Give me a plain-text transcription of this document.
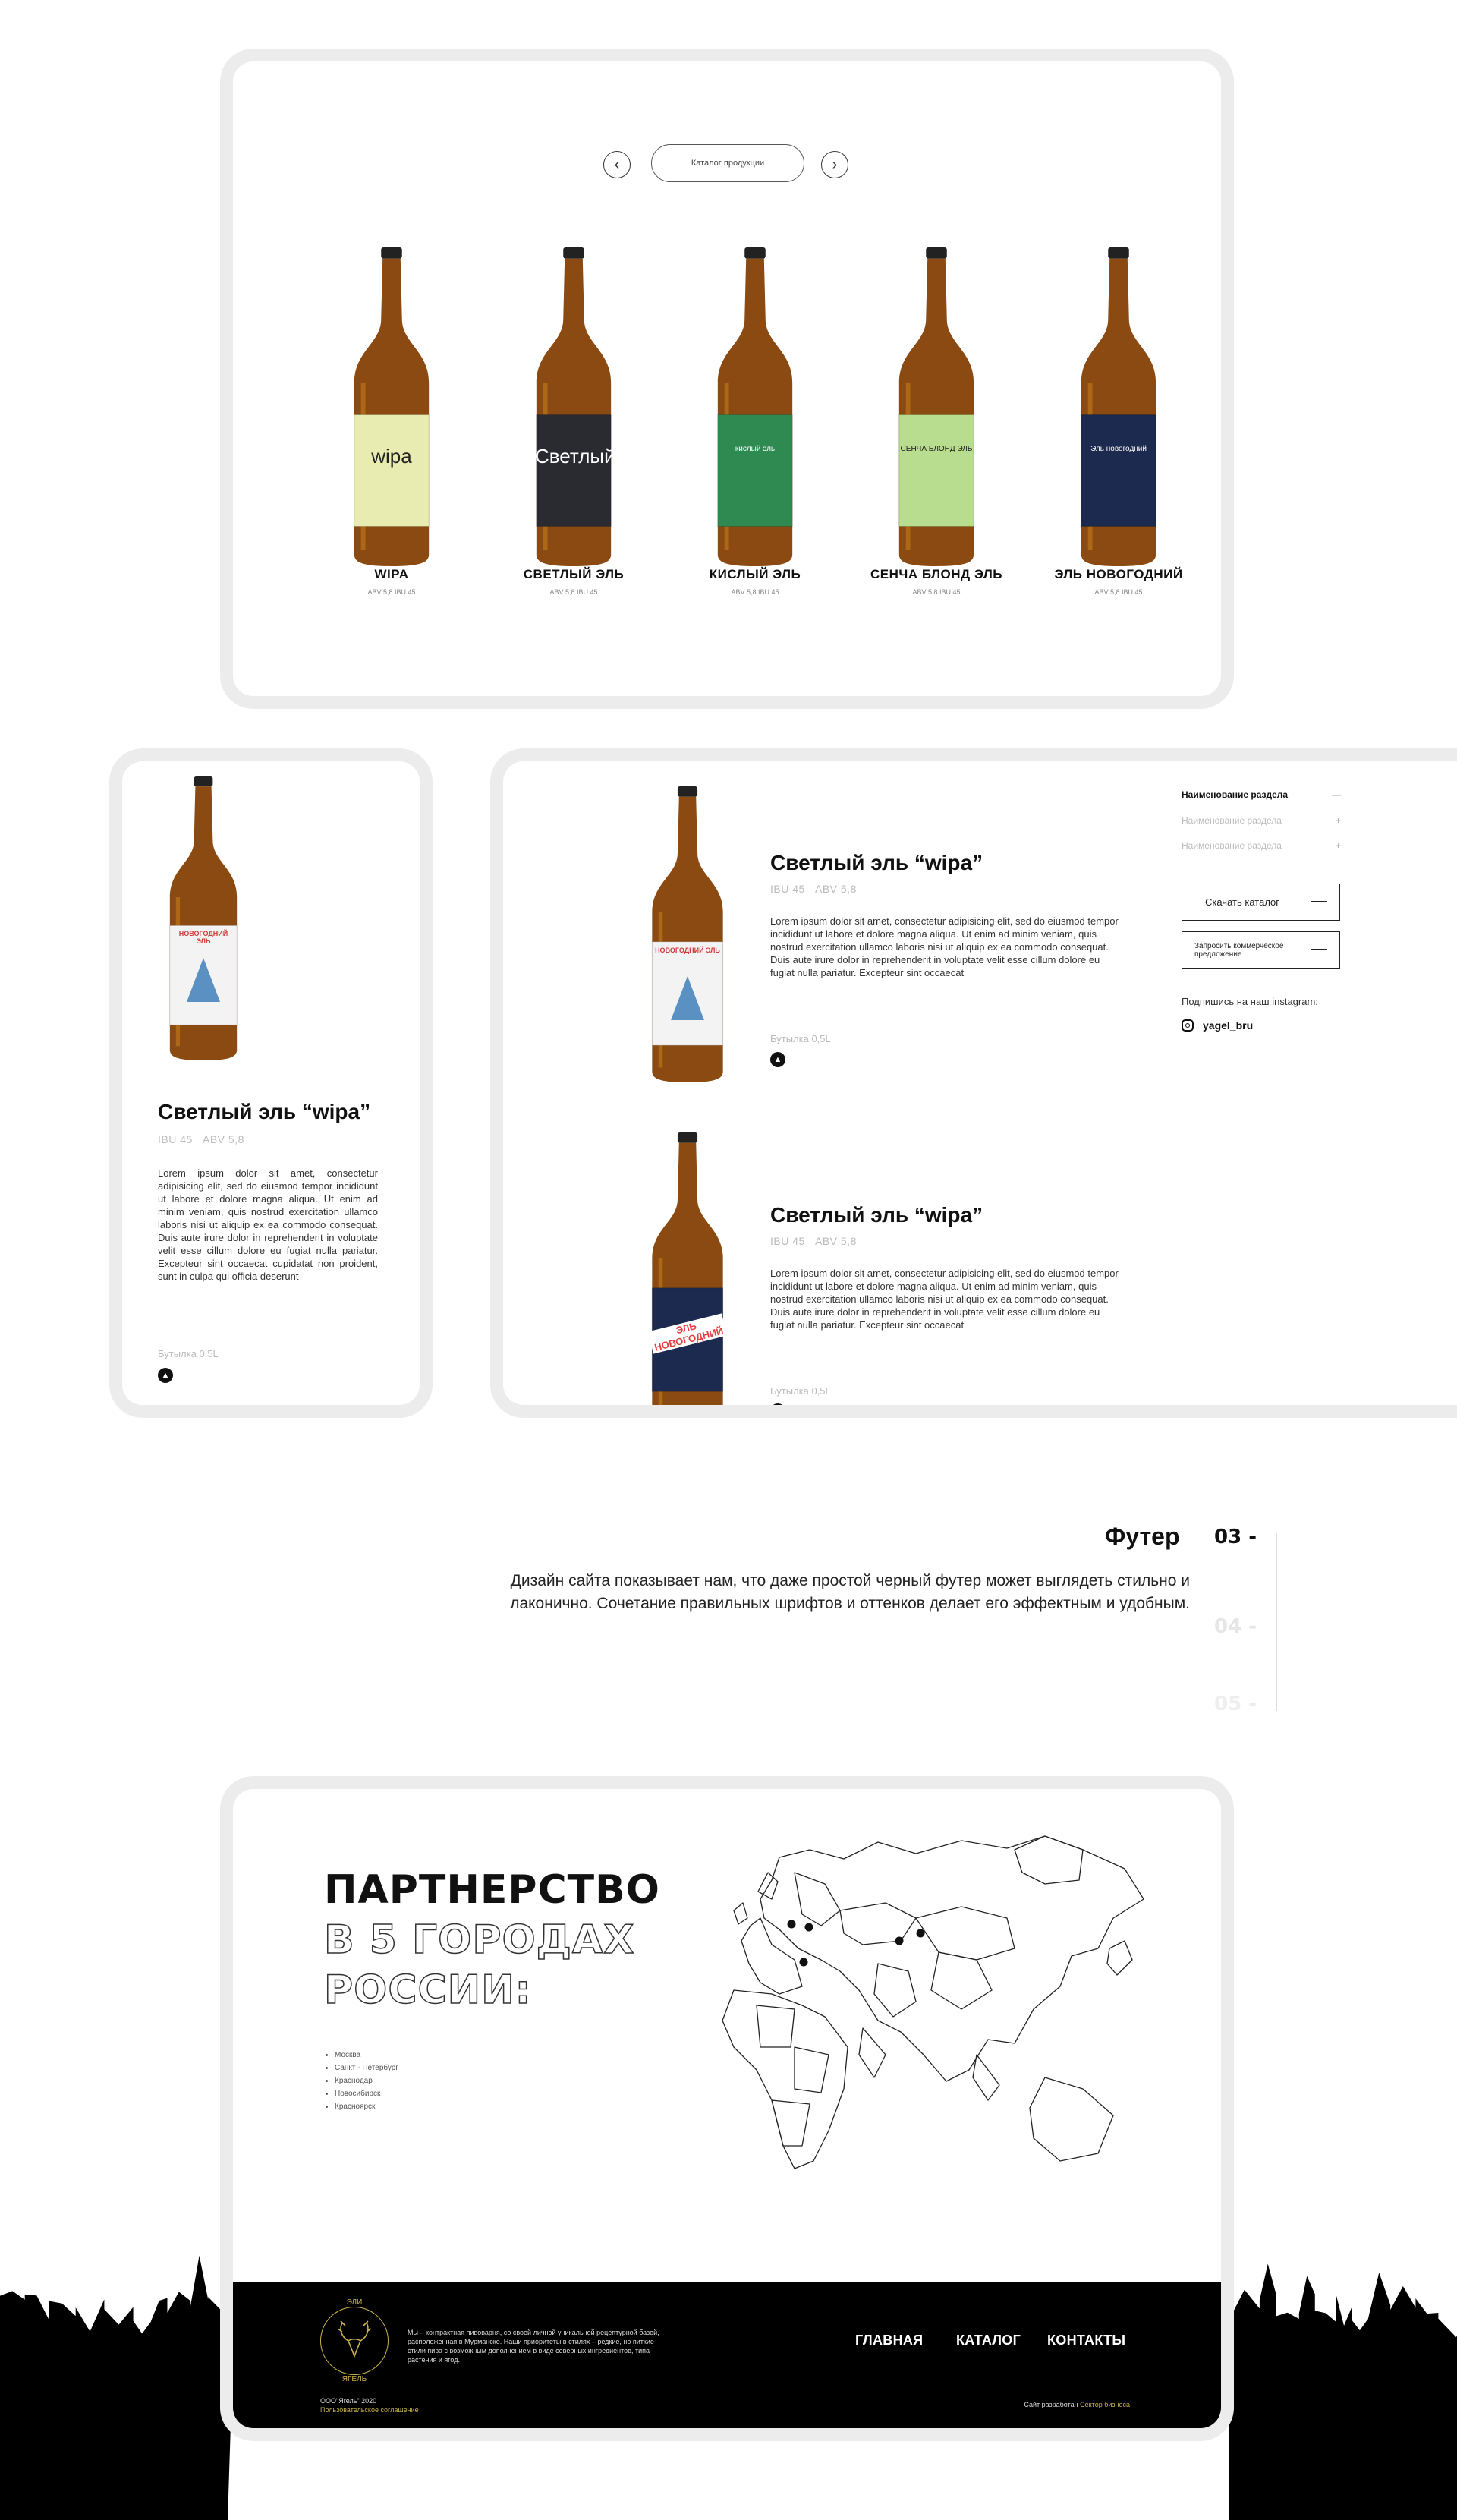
‹	Каталог продукции	›
wipa
WIPA
ABV 5,8 IBU 45
Светлый
СВЕТЛЫЙ ЭЛЬ
ABV 5,8 IBU 45
кислый эль
КИСЛЫЙ ЭЛЬ
ABV 5,8 IBU 45
СЕНЧА БЛОНД ЭЛЬ
СЕНЧА БЛОНД ЭЛЬ
ABV 5,8 IBU 45
Эль новогодний
ЭЛЬ НОВОГОДНИЙ
ABV 5,8 IBU 45
НОВОГОДНИЙ ЭЛЬ
Светлый эль “wipa”
IBU 45 ABV 5,8
Lorem ipsum dolor sit amet, consectetur adipisicing elit, sed do eiusmod tempor incididunt ut labore et dolore magna aliqua. Ut enim ad minim veniam, quis nostrud exercitation ullamco laboris nisi ut aliquip ex ea commodo consequat. Duis aute irure dolor in reprehenderit in voluptate velit esse cillum dolore eu fugiat nulla pariatur. Excepteur sint occaecat cupidatat non proident, sunt in culpa qui officia deserunt
Бутылка 0,5L
▲
НОВОГОДНИЙ ЭЛЬ
Светлый эль “wipa”
IBU 45 ABV 5,8
Lorem ipsum dolor sit amet, consectetur adipisicing elit, sed do eiusmod tempor incididunt ut labore et dolore magna aliqua. Ut enim ad minim veniam, quis nostrud exercitation ullamco laboris nisi ut aliquip ex ea commodo consequat. Duis aute irure dolor in reprehenderit in voluptate velit esse cillum dolore eu fugiat nulla pariatur. Excepteur sint occaecat
Бутылка 0,5L
▲
ЭЛЬ НОВОГОДНИЙ
Светлый эль “wipa”
IBU 45 ABV 5,8
Lorem ipsum dolor sit amet, consectetur adipisicing elit, sed do eiusmod tempor incididunt ut labore et dolore magna aliqua. Ut enim ad minim veniam, quis nostrud exercitation ullamco laboris nisi ut aliquip ex ea commodo consequat. Duis aute irure dolor in reprehenderit in voluptate velit esse cillum dolore eu fugiat nulla pariatur. Excepteur sint occaecat
Бутылка 0,5L
▲
Наименование раздела	—
Наименование раздела	+
Наименование раздела	+
Скачать каталог
Запросить коммерческое предложение
Подпишись на наш instagram:
yagel_bru
Футер
Дизайн сайта показывает нам, что даже простой черный футер может выглядеть стильно и лаконично. Сочетание правильных шрифтов и оттенков делает его эффектным и удобным.
03 -
04 -
05 -
ПАРТНЕРСТВО
В 5 ГОРОДАХ
РОССИИ:
• Москва
• Санкт - Петербург
• Краснодар
• Новосибирск
• Красноярск
ЭЛИ
ЯГЕЛЬ
Мы – контрактная пивоварня, со своей личной уникальной рецептурной базой, расположенная в Мурманске. Наши приоритеты в стилях – редкие, но питкие стили пива с возможным дополнением в виде северных ингредиентов, типа растения и ягод.
ГЛАВНАЯ КАТАЛОГ КОНТАКТЫ
ООО"Ягель" 2020
Пользовательское соглашение
Сайт разработан Сектор бизнеса
